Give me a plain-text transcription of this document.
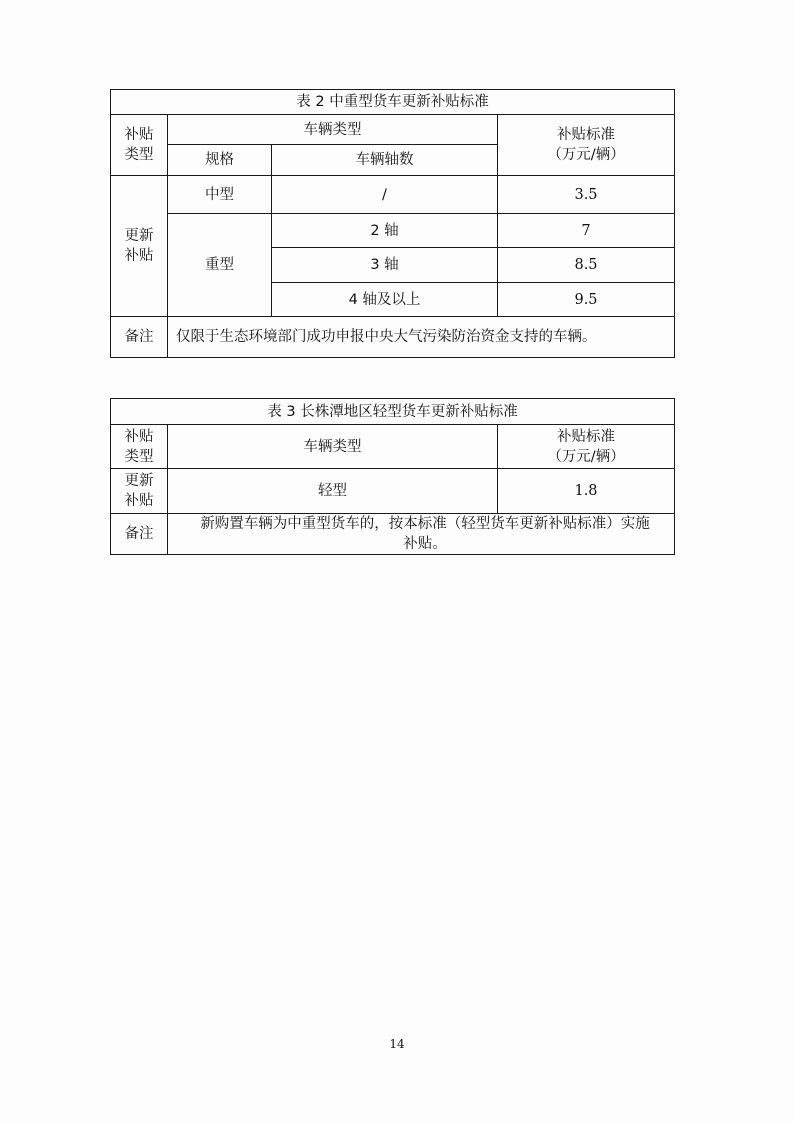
表 2 中重型货车更新补贴标准			
补贴
类型	车辆类型		补贴标准
（万元/辆）
	规格	车辆轴数	
更新
补贴	中型	/	3.5
	重型	2 轴	7
		3 轴	8.5
		4 轴及以上	9.5
备注	仅限于生态环境部门成功申报中央大气污染防治资金支持的车辆。		
表 3 长株潭地区轻型货车更新补贴标准		
补贴
类型	车辆类型	补贴标准
（万元/辆）
更新
补贴	轻型	1.8
备注	新购置车辆为中重型货车的，按本标准（轻型货车更新补贴标准）实施
补贴。	
14
